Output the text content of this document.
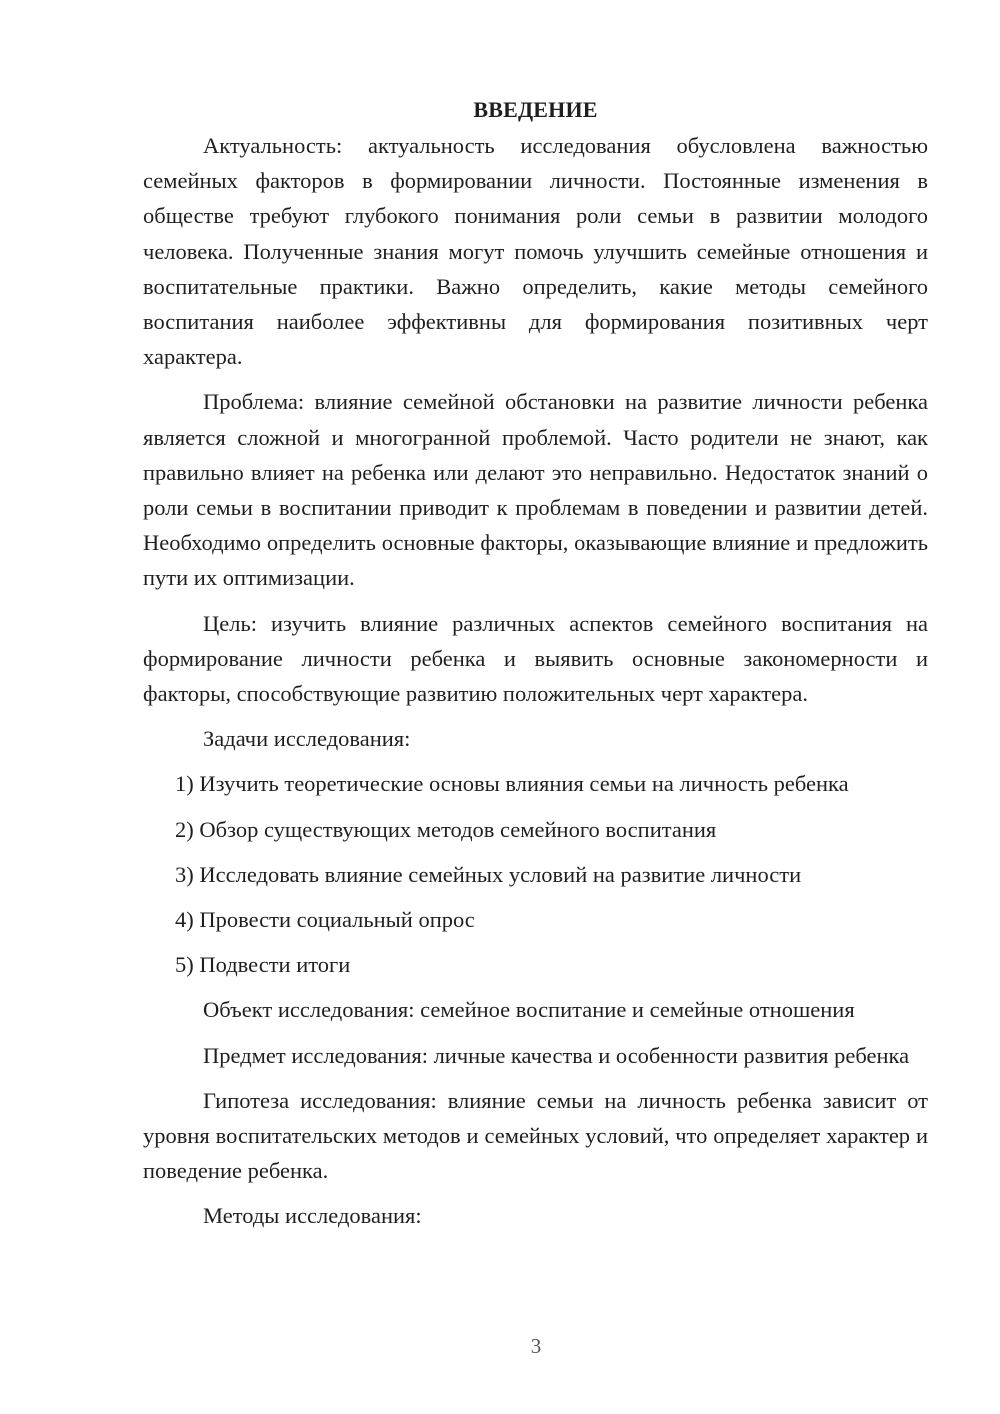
ВВЕДЕНИЕ

Актуальность: актуальность исследования обусловлена важностью семейных факторов в формировании личности. Постоянные изменения в обществе требуют глубокого понимания роли семьи в развитии молодого человека. Полученные знания могут помочь улучшить семейные отношения и воспитательные практики. Важно определить, какие методы семейного воспитания наиболее эффективны для формирования позитивных черт характера.

Проблема: влияние семейной обстановки на развитие личности ребенка является сложной и многогранной проблемой. Часто родители не знают, как правильно влияет на ребенка или делают это неправильно. Недостаток знаний о роли семьи в воспитании приводит к проблемам в поведении и развитии детей. Необходимо определить основные факторы, оказывающие влияние и предложить пути их оптимизации.

Цель: изучить влияние различных аспектов семейного воспитания на формирование личности ребенка и выявить основные закономерности и факторы, способствующие развитию положительных черт характера.

Задачи исследования:

1) Изучить теоретические основы влияния семьи на личность ребенка

2) Обзор существующих методов семейного воспитания

3) Исследовать влияние семейных условий на развитие личности

4) Провести социальный опрос

5) Подвести итоги

Объект исследования: семейное воспитание и семейные отношения

Предмет исследования: личные качества и особенности развития ребенка

Гипотеза исследования: влияние семьи на личность ребенка зависит от уровня воспитательских методов и семейных условий, что определяет характер и поведение ребенка.

Методы исследования:

3
